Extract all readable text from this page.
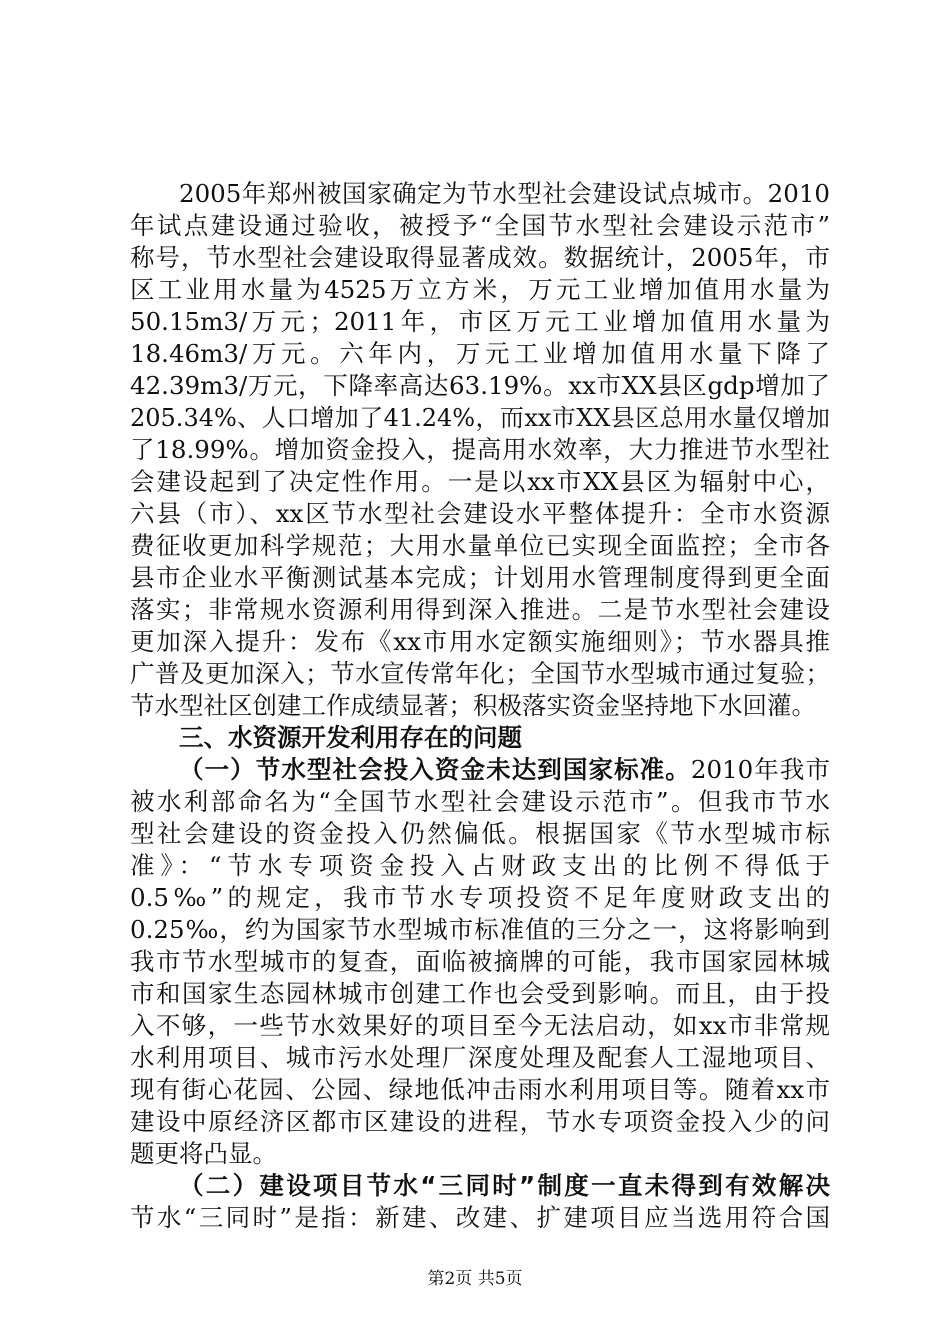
2005年郑州被国家确定为节水型社会建设试点城市。2010
年试点建设通过验收，被授予“全国节水型社会建设示范市”
称号，节水型社会建设取得显著成效。数据统计，2005年，市
区工业用水量为4525万立方米，万元工业增加值用水量为
50.15m3/万元；2011年，市区万元工业增加值用水量为
18.46m3/万元。六年内，万元工业增加值用水量下降了
42.39m3/万元，下降率高达63.19%。xx市XX县区gdp增加了
205.34%、人口增加了41.24%，而xx市XX县区总用水量仅增加
了18.99%。增加资金投入，提高用水效率，大力推进节水型社
会建设起到了决定性作用。一是以xx市XX县区为辐射中心，
六县（市）、xx区节水型社会建设水平整体提升：全市水资源
费征收更加科学规范；大用水量单位已实现全面监控；全市各
县市企业水平衡测试基本完成；计划用水管理制度得到更全面
落实；非常规水资源利用得到深入推进。二是节水型社会建设
更加深入提升：发布《xx市用水定额实施细则》；节水器具推
广普及更加深入；节水宣传常年化；全国节水型城市通过复验；
节水型社区创建工作成绩显著；积极落实资金坚持地下水回灌。
三、水资源开发利用存在的问题
（一）节水型社会投入资金未达到国家标准。2010年我市
被水利部命名为“全国节水型社会建设示范市”。但我市节水
型社会建设的资金投入仍然偏低。根据国家《节水型城市标
准》：“节水专项资金投入占财政支出的比例不得低于
0.5‰”的规定，我市节水专项投资不足年度财政支出的
0.25‰，约为国家节水型城市标准值的三分之一，这将影响到
我市节水型城市的复查，面临被摘牌的可能，我市国家园林城
市和国家生态园林城市创建工作也会受到影响。而且，由于投
入不够，一些节水效果好的项目至今无法启动，如xx市非常规
水利用项目、城市污水处理厂深度处理及配套人工湿地项目、
现有街心花园、公园、绿地低冲击雨水利用项目等。随着xx市
建设中原经济区都市区建设的进程，节水专项资金投入少的问
题更将凸显。
（二）建设项目节水“三同时”制度一直未得到有效解决
节水“三同时”是指：新建、改建、扩建项目应当选用符合国
第2页 共5页
